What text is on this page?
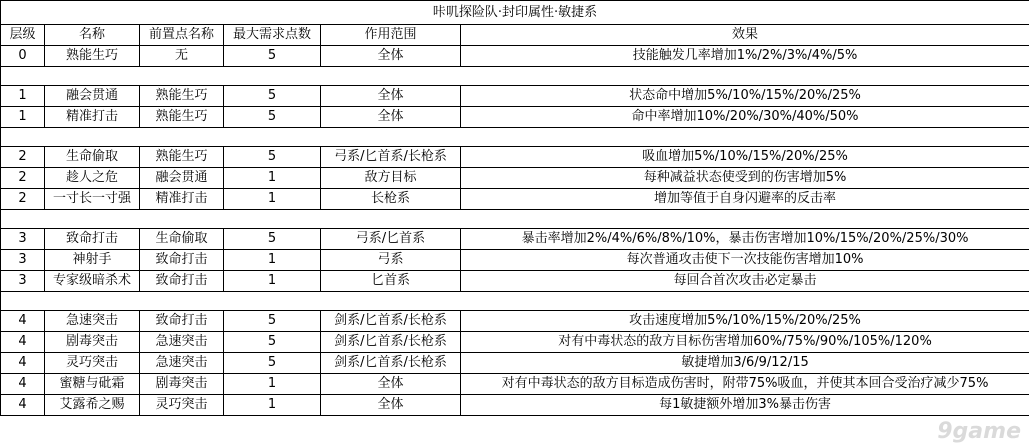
咔叽探险队·封印属性·敏捷系					
层级	名称	前置点名称	最大需求点数	作用范围	效果
0	熟能生巧	无	5	全体	技能触发几率增加1%/2%/3%/4%/5%

1	融会贯通	熟能生巧	5	全体	状态命中增加5%/10%/15%/20%/25%
1	精准打击	熟能生巧	5	全体	命中率增加10%/20%/30%/40%/50%

2	生命偷取	熟能生巧	5	弓系/匕首系/长枪系	吸血增加5%/10%/15%/20%/25%
2	趁人之危	融会贯通	1	敌方目标	每种减益状态使受到的伤害增加5%
2	一寸长一寸强	精准打击	1	长枪系	增加等值于自身闪避率的反击率

3	致命打击	生命偷取	5	弓系/匕首系	暴击率增加2%/4%/6%/8%/10%，暴击伤害增加10%/15%/20%/25%/30%
3	神射手	致命打击	1	弓系	每次普通攻击使下一次技能伤害增加10%
3	专家级暗杀术	致命打击	1	匕首系	每回合首次攻击必定暴击

4	急速突击	致命打击	5	剑系/匕首系/长枪系	攻击速度增加5%/10%/15%/20%/25%
4	剧毒突击	急速突击	5	剑系/匕首系/长枪系	对有中毒状态的敌方目标伤害增加60%/75%/90%/105%/120%
4	灵巧突击	急速突击	5	剑系/匕首系/长枪系	敏捷增加3/6/9/12/15
4	蜜糖与砒霜	剧毒突击	1	全体	对有中毒状态的敌方目标造成伤害时，附带75%吸血，并使其本回合受治疗减少75%
4	艾露希之赐	灵巧突击	1	全体	每1敏捷额外增加3%暴击伤害
9game
